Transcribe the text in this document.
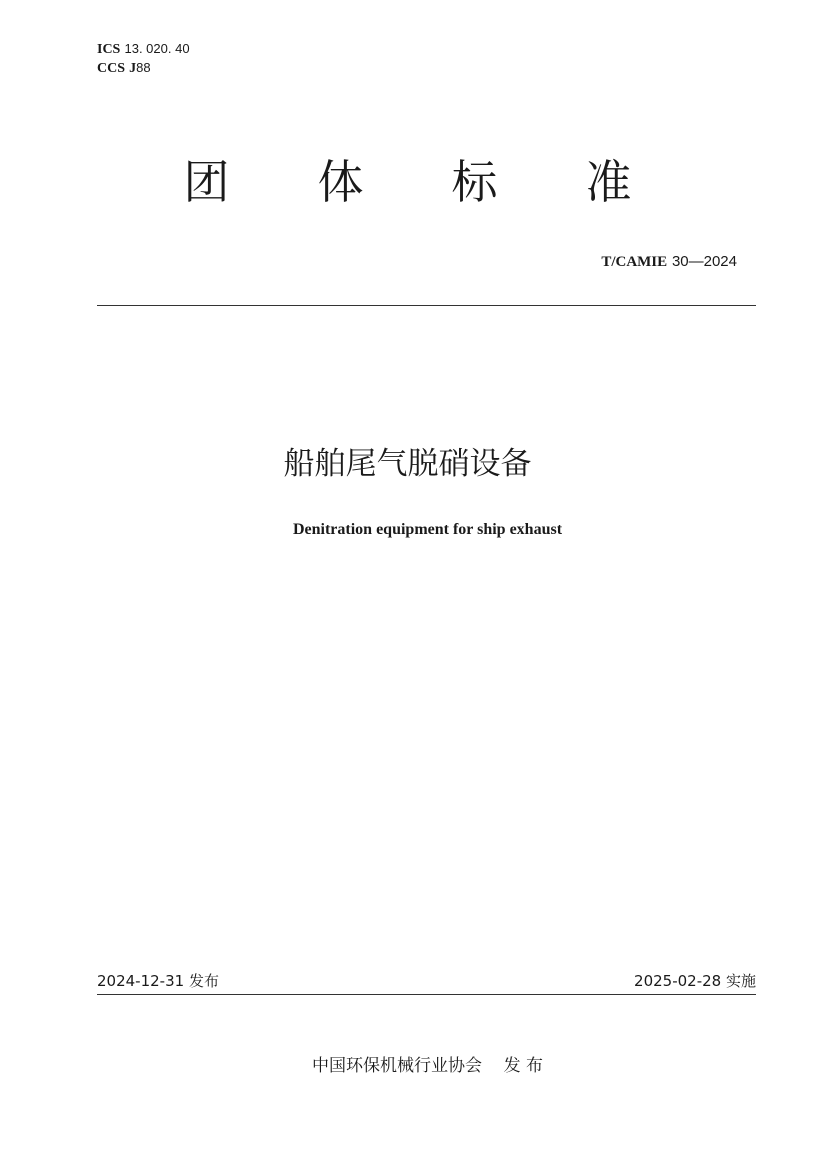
ICS 13. 020. 40
CCS J88
团	体	标	准
T/CAMIE 30—2024
船舶尾气脱硝设备
Denitration equipment for ship exhaust
2024-12-31 发布	2025-02-28 实施
中国环保机械行业协会 发 布
